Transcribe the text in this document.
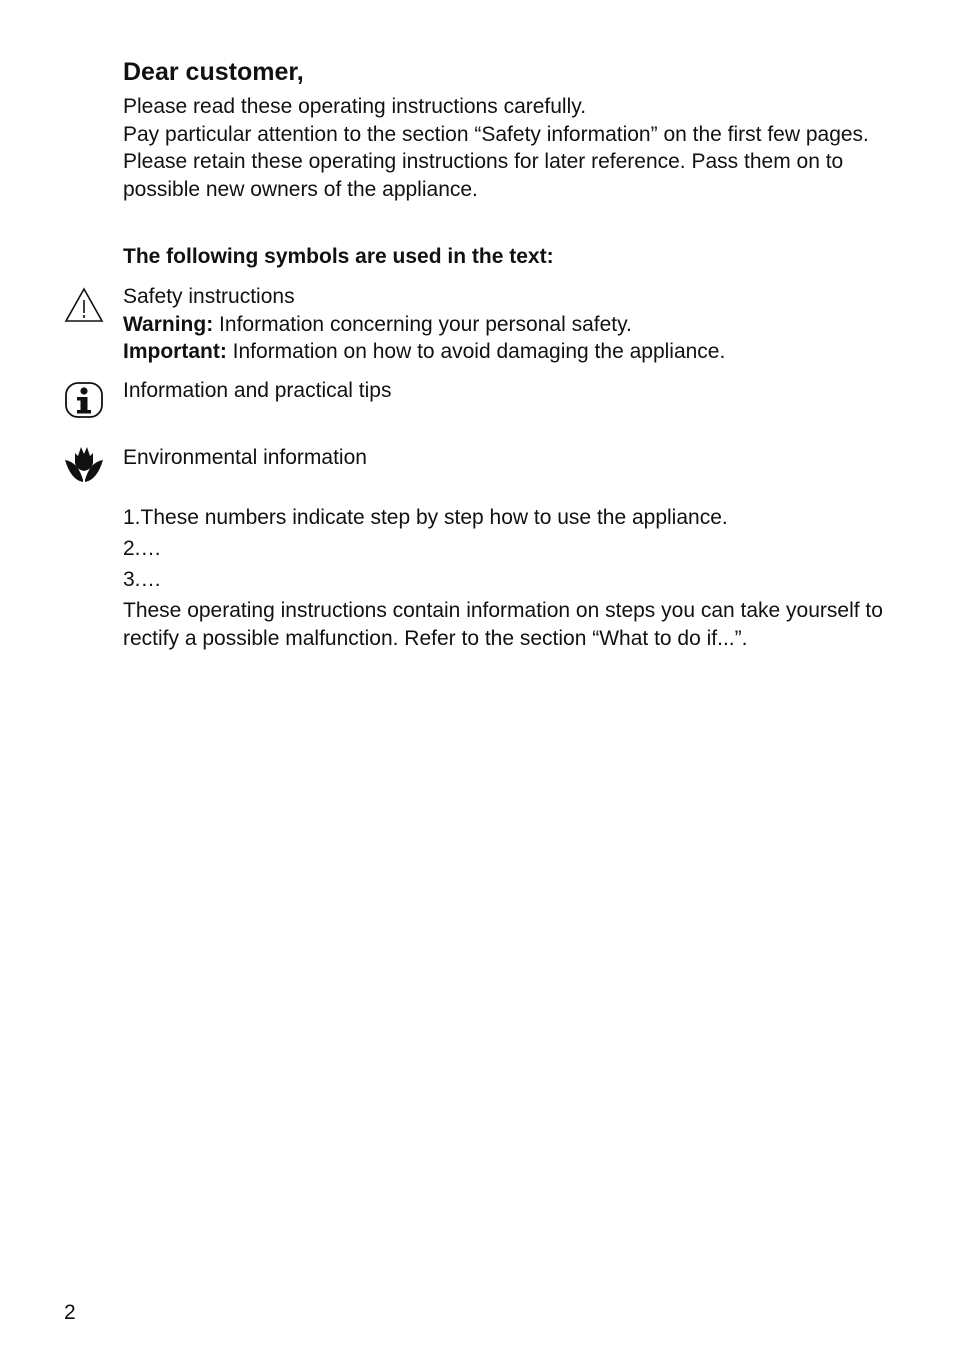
Dear customer,

Please read these operating instructions carefully.

Pay particular attention to the section “Safety information” on the first few pages. Please retain these operating instructions for later reference. Pass them on to possible new owners of the appliance.

The following symbols are used in the text:
Safety instructions
Warning: Information concerning your personal safety.
Important: Information on how to avoid damaging the appliance.
Information and practical tips
Environmental information
1.These numbers indicate step by step how to use the appliance.
2.…
3.…
These operating instructions contain information on steps you can take yourself to rectify a possible malfunction. Refer to the section “What to do if...”.
2
